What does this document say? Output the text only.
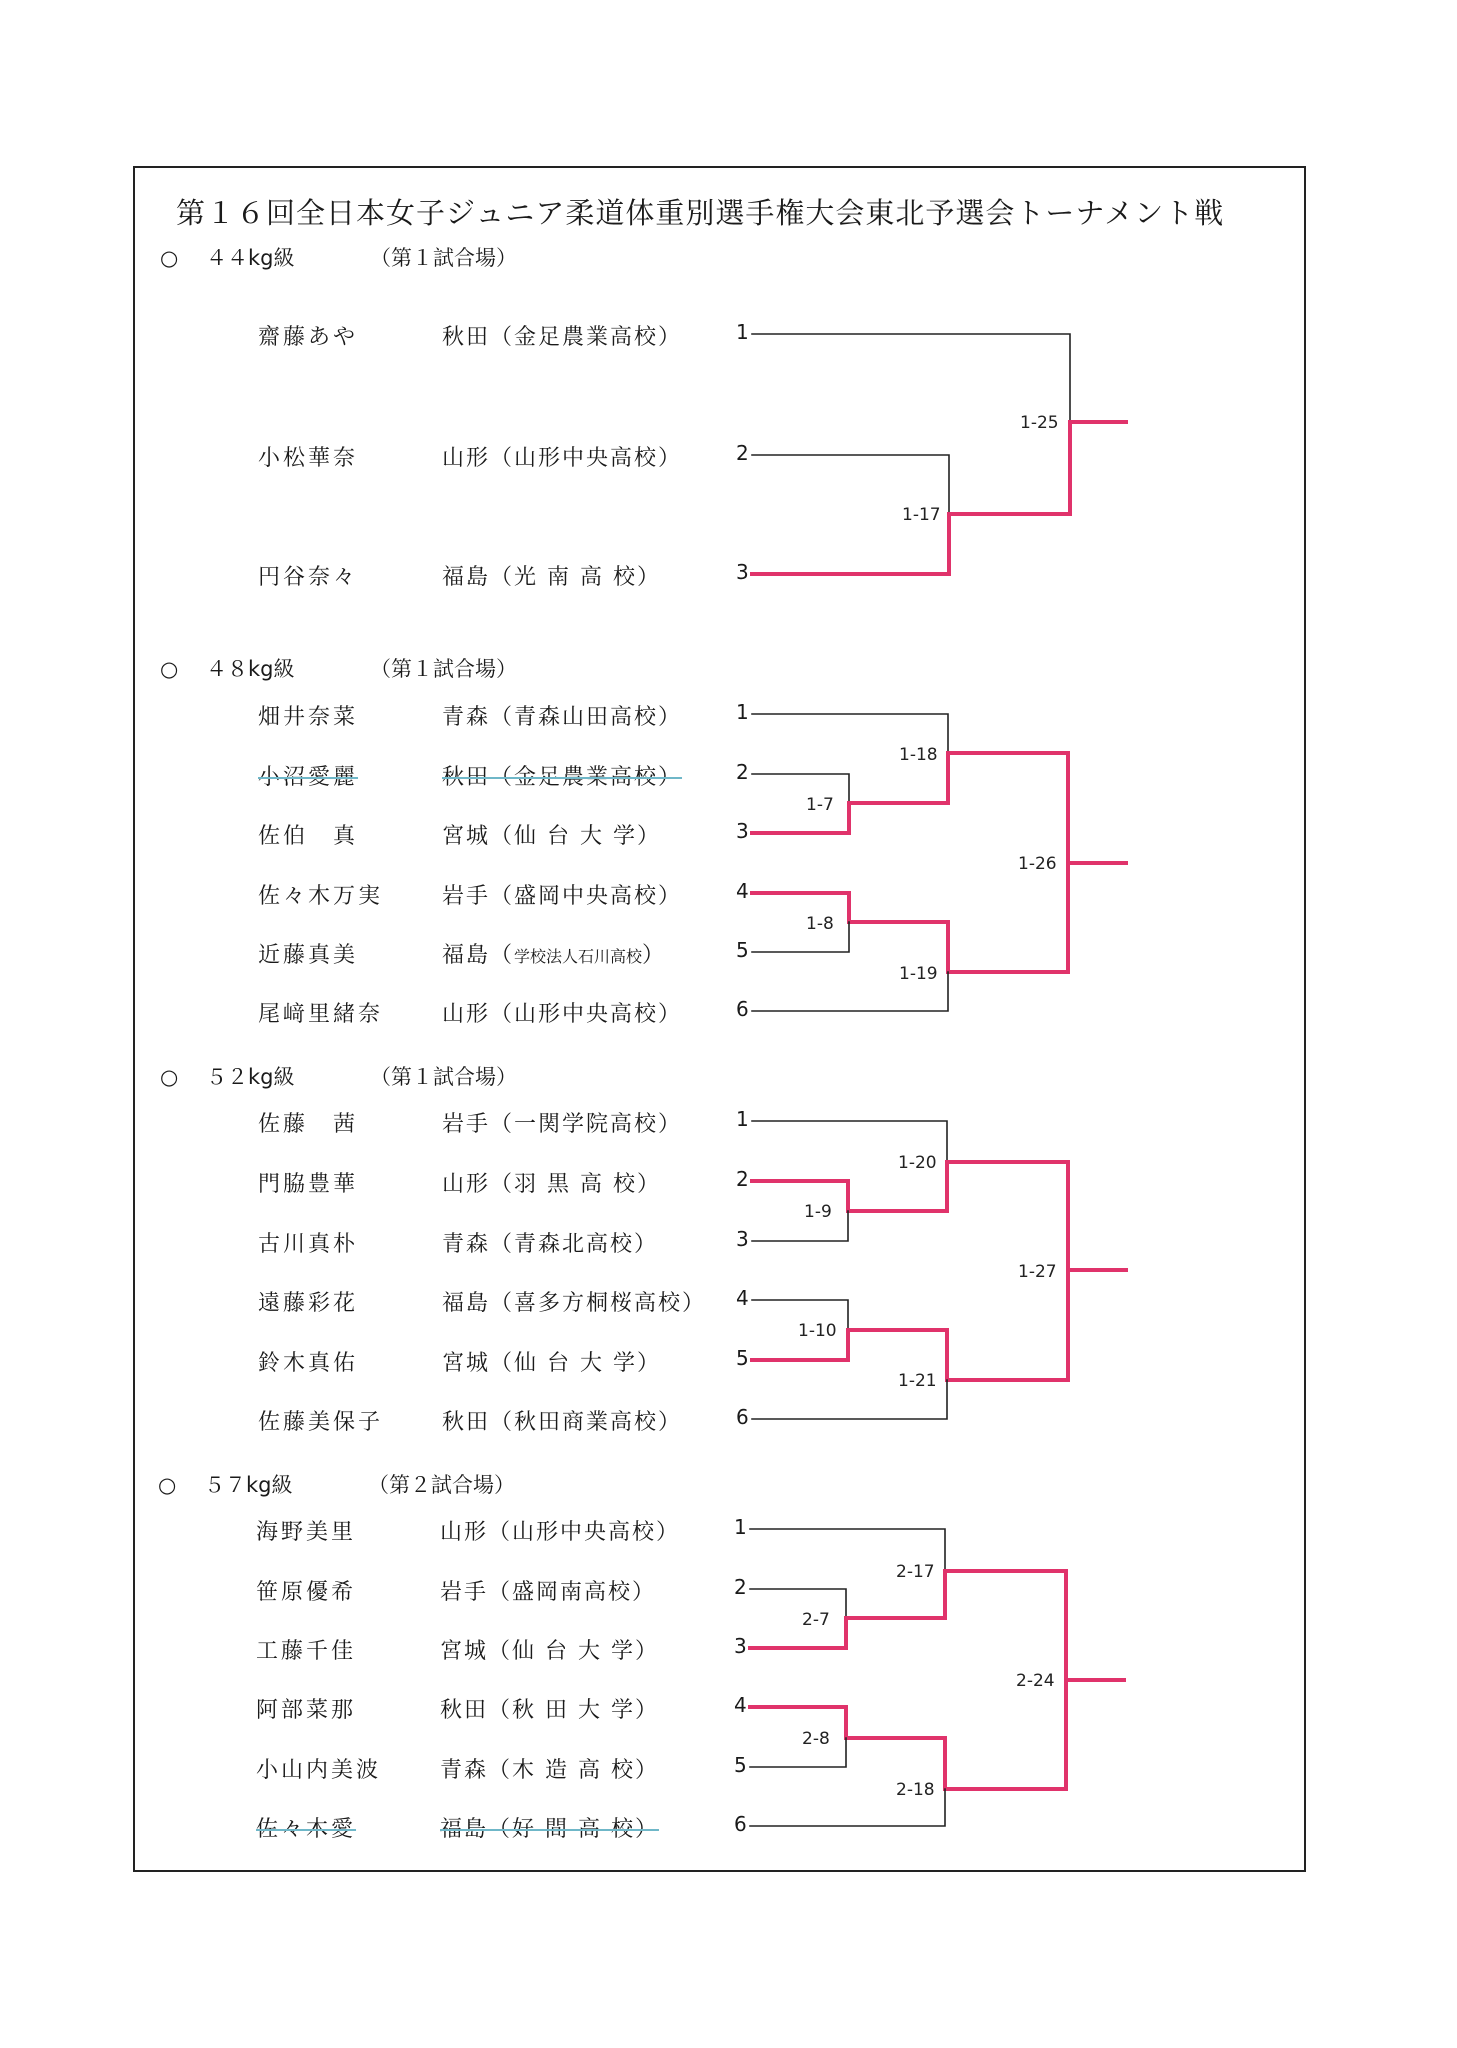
第１６回全日本女子ジュニア柔道体重別選手権大会東北予選会トーナメント戦
○ ４４kg級	（第１試合場）
○ ４８kg級	（第１試合場）
○ ５２kg級	（第１試合場）
○ ５７kg級	（第２試合場）
齋藤あや	秋田（金足農業高校）	1
小松華奈	山形（山形中央高校）	2
円谷奈々	福島（光 南 高 校）	3
畑井奈菜	青森（青森山田高校）	1
小沼愛麗	秋田（金足農業高校）	2
佐伯　真	宮城（仙 台 大 学）	3
佐々木万実	岩手（盛岡中央高校）	4
近藤真美	福島（学校法人石川高校）	5
尾﨑里緒奈	山形（山形中央高校）	6
佐藤　茜	岩手（一関学院高校）	1
門脇豊華	山形（羽 黒 高 校）	2
古川真朴	青森（青森北高校）	3
遠藤彩花	福島（喜多方桐桜高校） 4
鈴木真佑	宮城（仙 台 大 学）	5
佐藤美保子	秋田（秋田商業高校）	6
海野美里	山形（山形中央高校）	1
笹原優希	岩手（盛岡南高校）	2
工藤千佳	宮城（仙 台 大 学）	3
阿部菜那	秋田（秋 田 大 学）	4
小山内美波	青森（木 造 高 校）	5
佐々木愛	福島（好 間 高 校）	6
1-17
1-25
1-7
1-8
1-18
1-19
1-26
1-9
1-10
1-20
1-21
1-27
2-7
2-8
2-17
2-18
2-24
